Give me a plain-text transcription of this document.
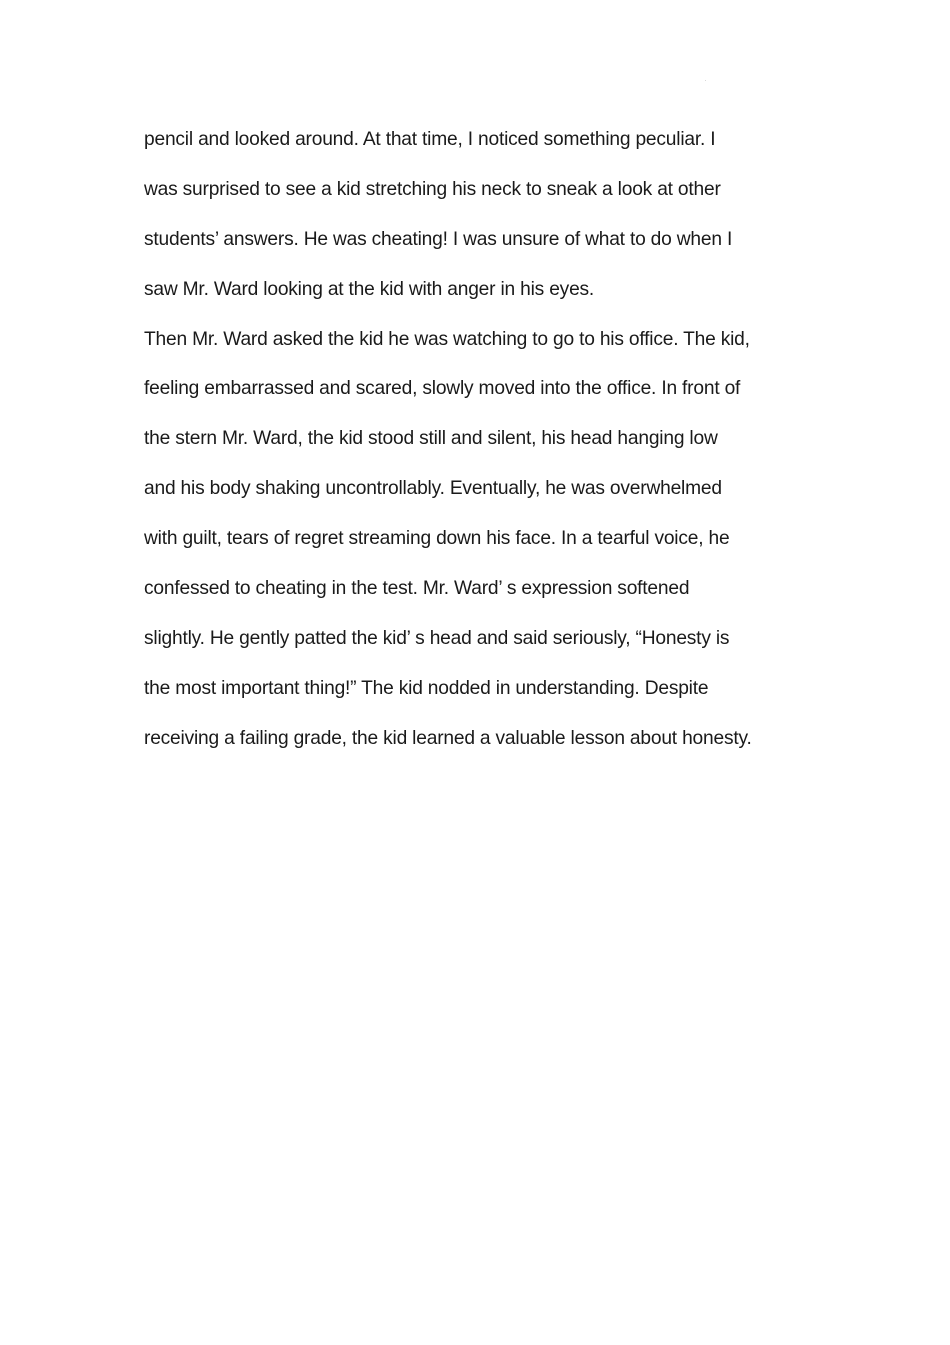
pencil and looked around. At that time, I noticed something peculiar. I
was surprised to see a kid stretching his neck to sneak a look at other
students’ answers. He was cheating! I was unsure of what to do when I
saw Mr. Ward looking at the kid with anger in his eyes.
Then Mr. Ward asked the kid he was watching to go to his office. The kid,
feeling embarrassed and scared, slowly moved into the office. In front of
the stern Mr. Ward, the kid stood still and silent, his head hanging low
and his body shaking uncontrollably. Eventually, he was overwhelmed
with guilt, tears of regret streaming down his face. In a tearful voice, he
confessed to cheating in the test. Mr. Ward’ s expression softened
slightly. He gently patted the kid’ s head and said seriously, “Honesty is
the most important thing!” The kid nodded in understanding. Despite
receiving a failing grade, the kid learned a valuable lesson about honesty.
